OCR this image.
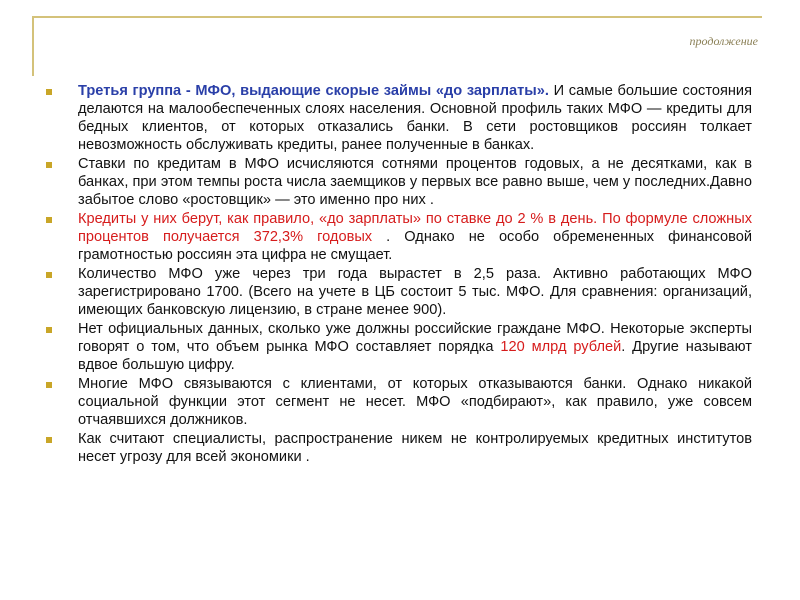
продолжение
Третья группа - МФО, выдающие скорые займы «до зарплаты». И самые большие состояния делаются на малообеспеченных слоях населения. Основной профиль таких МФО — кредиты для бедных клиентов, от которых отказались банки. В сети ростовщиков россиян толкает невозможность обслуживать кредиты, ранее полученные в банках.
Ставки по кредитам в МФО исчисляются сотнями процентов годовых, а не десятками, как в банках, при этом темпы роста числа заемщиков у первых все равно выше, чем у последних.Давно забытое слово «ростовщик» — это именно про них .
Кредиты у них берут, как правило, «до зарплаты» по ставке до 2 % в день. По формуле сложных процентов получается 372,3% годовых . Однако не особо обремененных финансовой грамотностью россиян эта цифра не смущает.
Количество МФО уже через три года вырастет в 2,5 раза. Активно работающих МФО зарегистрировано 1700. (Всего на учете в ЦБ состоит 5 тыс. МФО. Для сравнения: организаций, имеющих банковскую лицензию, в стране менее 900).
Нет официальных данных, сколько уже должны российские граждане МФО. Некоторые эксперты говорят о том, что объем рынка МФО составляет порядка 120 млрд рублей. Другие называют вдвое большую цифру.
Многие МФО связываются с клиентами, от которых отказываются банки. Однако никакой социальной функции этот сегмент не несет. МФО «подбирают», как правило, уже совсем отчаявшихся должников.
Как считают специалисты, распространение никем не контролируемых кредитных институтов несет угрозу для всей экономики .
